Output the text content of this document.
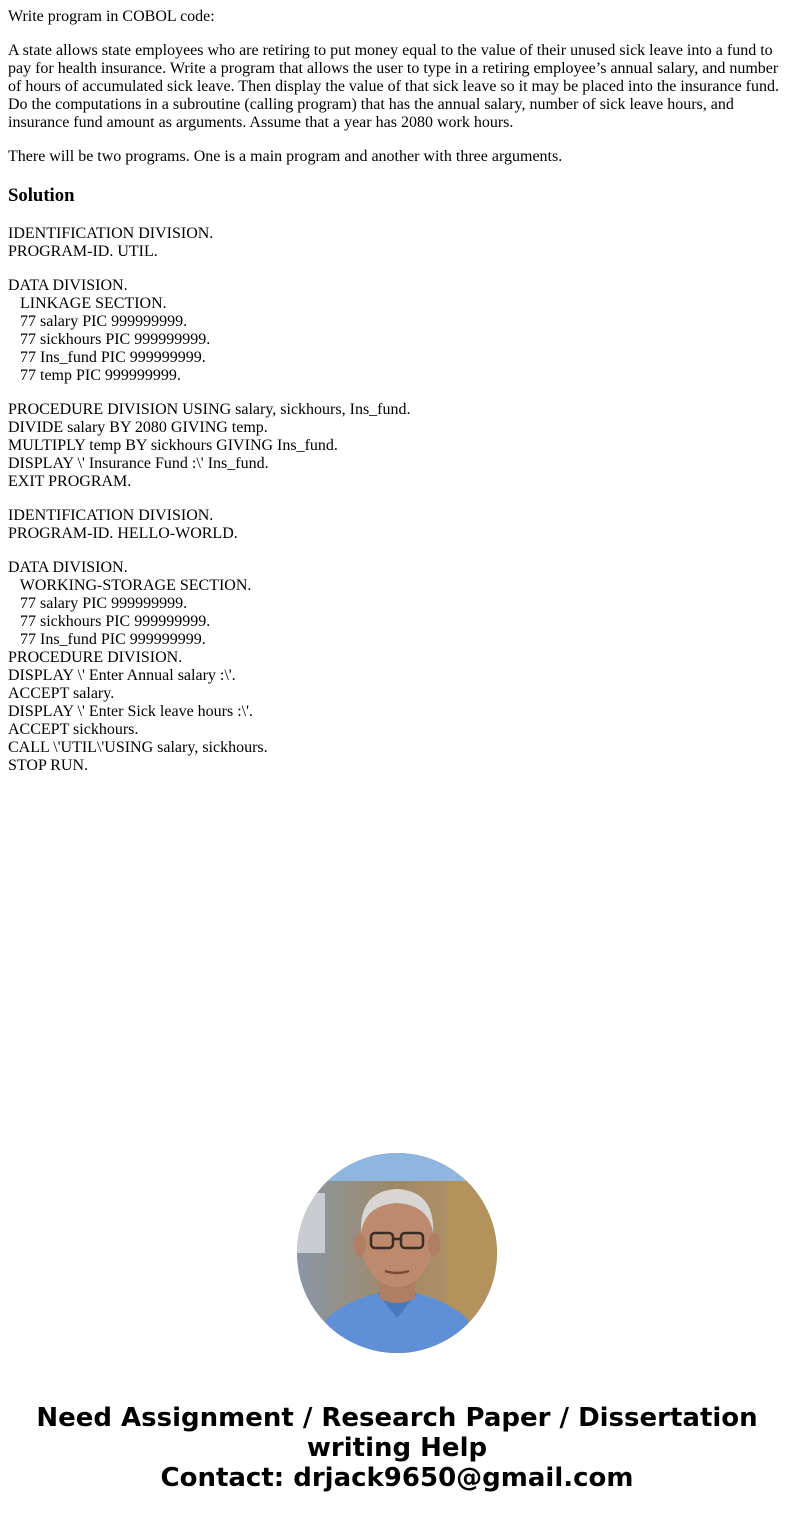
Write program in COBOL code:

A state allows state employees who are retiring to put money equal to the value of their unused sick leave into a fund to pay for health insurance. Write a program that allows the user to type in a retiring employee’s annual salary, and number of hours of accumulated sick leave. Then display the value of that sick leave so it may be placed into the insurance fund. Do the computations in a subroutine (calling program) that has the annual salary, number of sick leave hours, and insurance fund amount as arguments. Assume that a year has 2080 work hours.

There will be two programs. One is a main program and another with three arguments.

Solution
IDENTIFICATION DIVISION.
PROGRAM-ID. UTIL.
DATA DIVISION.
LINKAGE SECTION.
77 salary PIC 999999999.
77 sickhours PIC 999999999.
77 Ins_fund PIC 999999999.
77 temp PIC 999999999.
PROCEDURE DIVISION USING salary, sickhours, Ins_fund.
DIVIDE salary BY 2080 GIVING temp.
MULTIPLY temp BY sickhours GIVING Ins_fund.
DISPLAY \' Insurance Fund :\' Ins_fund.
EXIT PROGRAM.
IDENTIFICATION DIVISION.
PROGRAM-ID. HELLO-WORLD.
DATA DIVISION.
WORKING-STORAGE SECTION.
77 salary PIC 999999999.
77 sickhours PIC 999999999.
77 Ins_fund PIC 999999999.
PROCEDURE DIVISION.
DISPLAY \' Enter Annual salary :\'.
ACCEPT salary.
DISPLAY \' Enter Sick leave hours :\'.
ACCEPT sickhours.
CALL \'UTIL\'USING salary, sickhours.
STOP RUN.
Need Assignment / Research Paper / Dissertation
writing Help
Contact: drjack9650@gmail.com
